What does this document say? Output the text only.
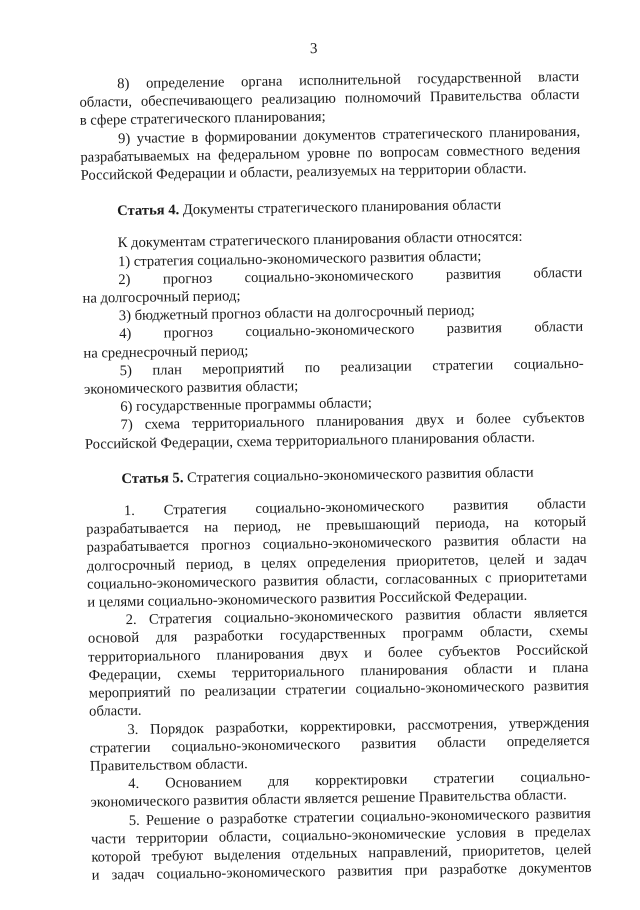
3

8) определение органа исполнительной государственной власти

области, обеспечивающего реализацию полномочий Правительства области

в сфере стратегического планирования;

9) участие в формировании документов стратегического планирования,

разрабатываемых на федеральном уровне по вопросам совместного ведения

Российской Федерации и области, реализуемых на территории области.

Статья 4. Документы стратегического планирования области

К документам стратегического планирования области относятся:

1) стратегия социально-экономического развития области;

2) прогноз социально-экономического развития области

на долгосрочный период;

3) бюджетный прогноз области на долгосрочный период;

4) прогноз социально-экономического развития области

на среднесрочный период;

5) план мероприятий по реализации стратегии социально-

экономического развития области;

6) государственные программы области;

7) схема территориального планирования двух и более субъектов

Российской Федерации, схема территориального планирования области.

Статья 5. Стратегия социально-экономического развития области

1. Стратегия социально-экономического развития области

разрабатывается на период, не превышающий периода, на который

разрабатывается прогноз социально-экономического развития области на

долгосрочный период, в целях определения приоритетов, целей и задач

социально-экономического развития области, согласованных с приоритетами

и целями социально-экономического развития Российской Федерации.

2. Стратегия социально-экономического развития области является

основой для разработки государственных программ области, схемы

территориального планирования двух и более субъектов Российской

Федерации, схемы территориального планирования области и плана

мероприятий по реализации стратегии социально-экономического развития

области.

3. Порядок разработки, корректировки, рассмотрения, утверждения

стратегии социально-экономического развития области определяется

Правительством области.

4. Основанием для корректировки стратегии социально-

экономического развития области является решение Правительства области.

5. Решение о разработке стратегии социально-экономического развития

части территории области, социально-экономические условия в пределах

которой требуют выделения отдельных направлений, приоритетов, целей

и задач социально-экономического развития при разработке документов
